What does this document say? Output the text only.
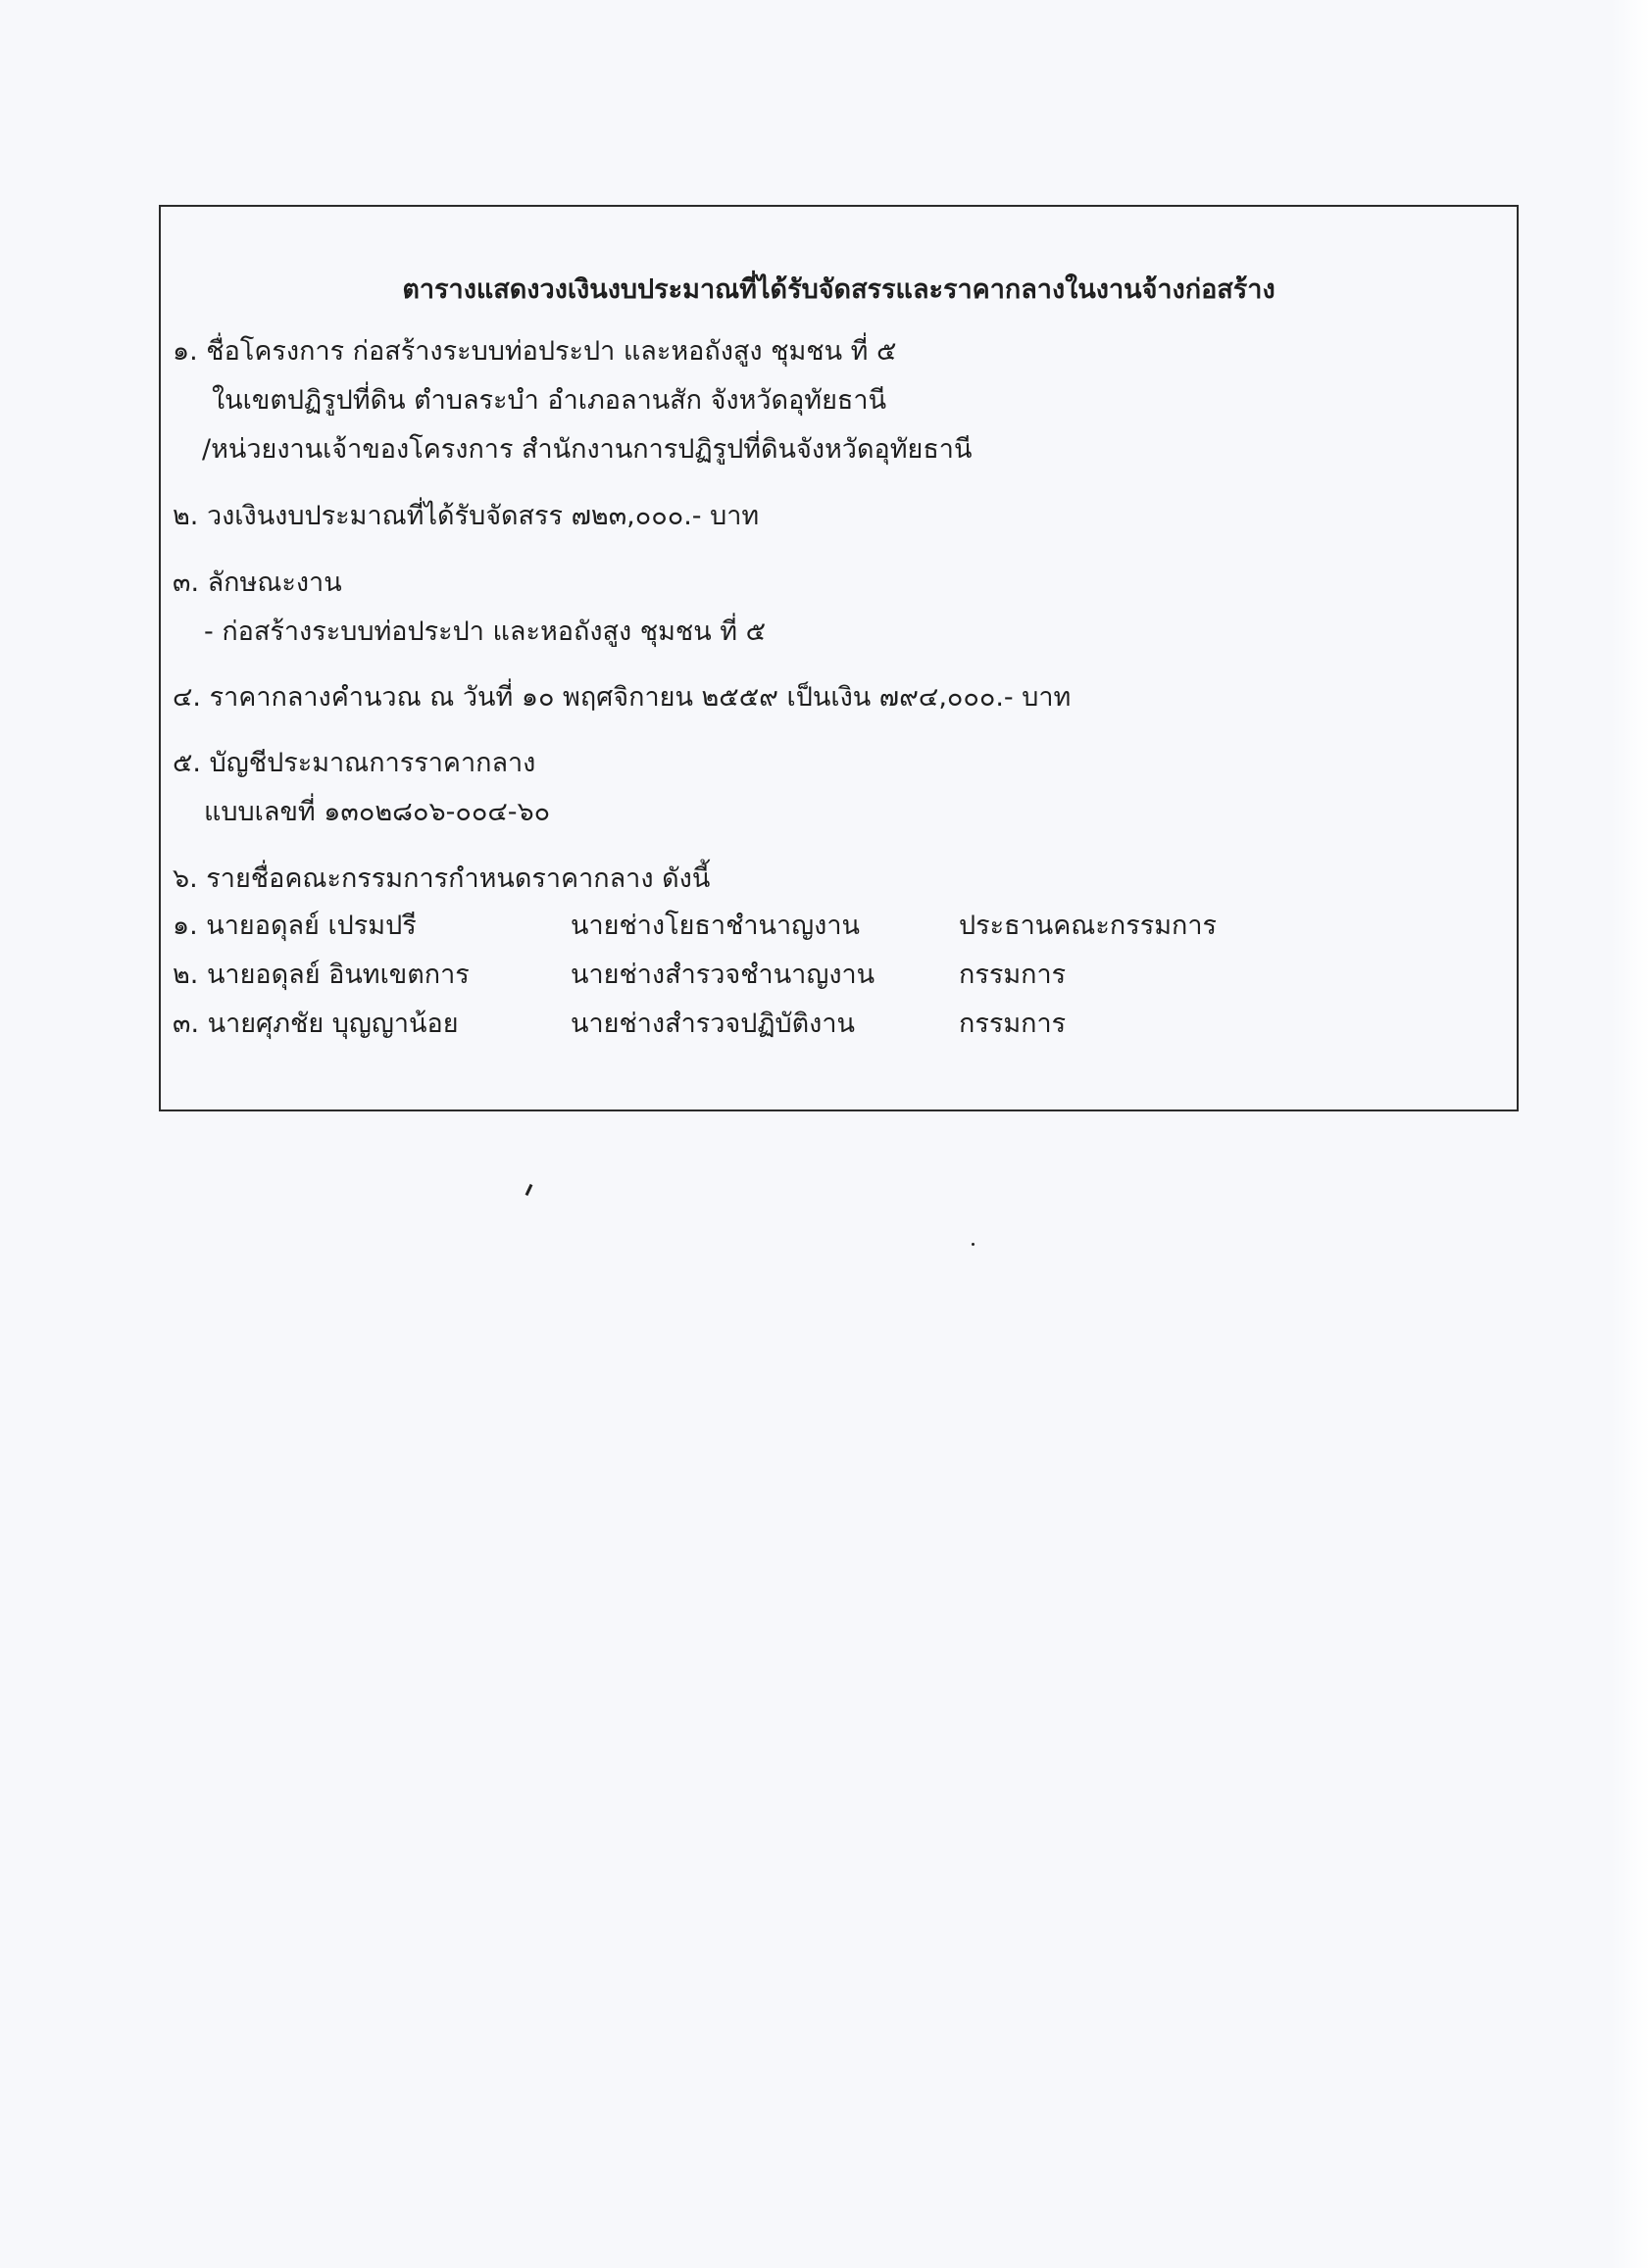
ตารางแสดงวงเงินงบประมาณที่ได้รับจัดสรรและราคากลางในงานจ้างก่อสร้าง
๑. ชื่อโครงการ ก่อสร้างระบบท่อประปา และหอถังสูง ชุมชน ที่ ๕
ในเขตปฏิรูปที่ดิน ตำบลระบำ อำเภอลานสัก จังหวัดอุทัยธานี
/หน่วยงานเจ้าของโครงการ สำนักงานการปฏิรูปที่ดินจังหวัดอุทัยธานี
๒. วงเงินงบประมาณที่ได้รับจัดสรร ๗๒๓,๐๐๐.- บาท
๓. ลักษณะงาน
- ก่อสร้างระบบท่อประปา และหอถังสูง ชุมชน ที่ ๕
๔. ราคากลางคำนวณ ณ วันที่ ๑๐ พฤศจิกายน ๒๕๕๙ เป็นเงิน ๗๙๔,๐๐๐.- บาท
๕. บัญชีประมาณการราคากลาง
แบบเลขที่ ๑๓๐๒๘๐๖-๐๐๔-๖๐
๖. รายชื่อคณะกรรมการกำหนดราคากลาง ดังนี้
๑. นายอดุลย์ เปรมปรี	นายช่างโยธาชำนาญงาน	ประธานคณะกรรมการ
๒. นายอดุลย์ อินทเขตการ	นายช่างสำรวจชำนาญงาน	กรรมการ
๓. นายศุภชัย บุญญาน้อย	นายช่างสำรวจปฏิบัติงาน	กรรมการ
